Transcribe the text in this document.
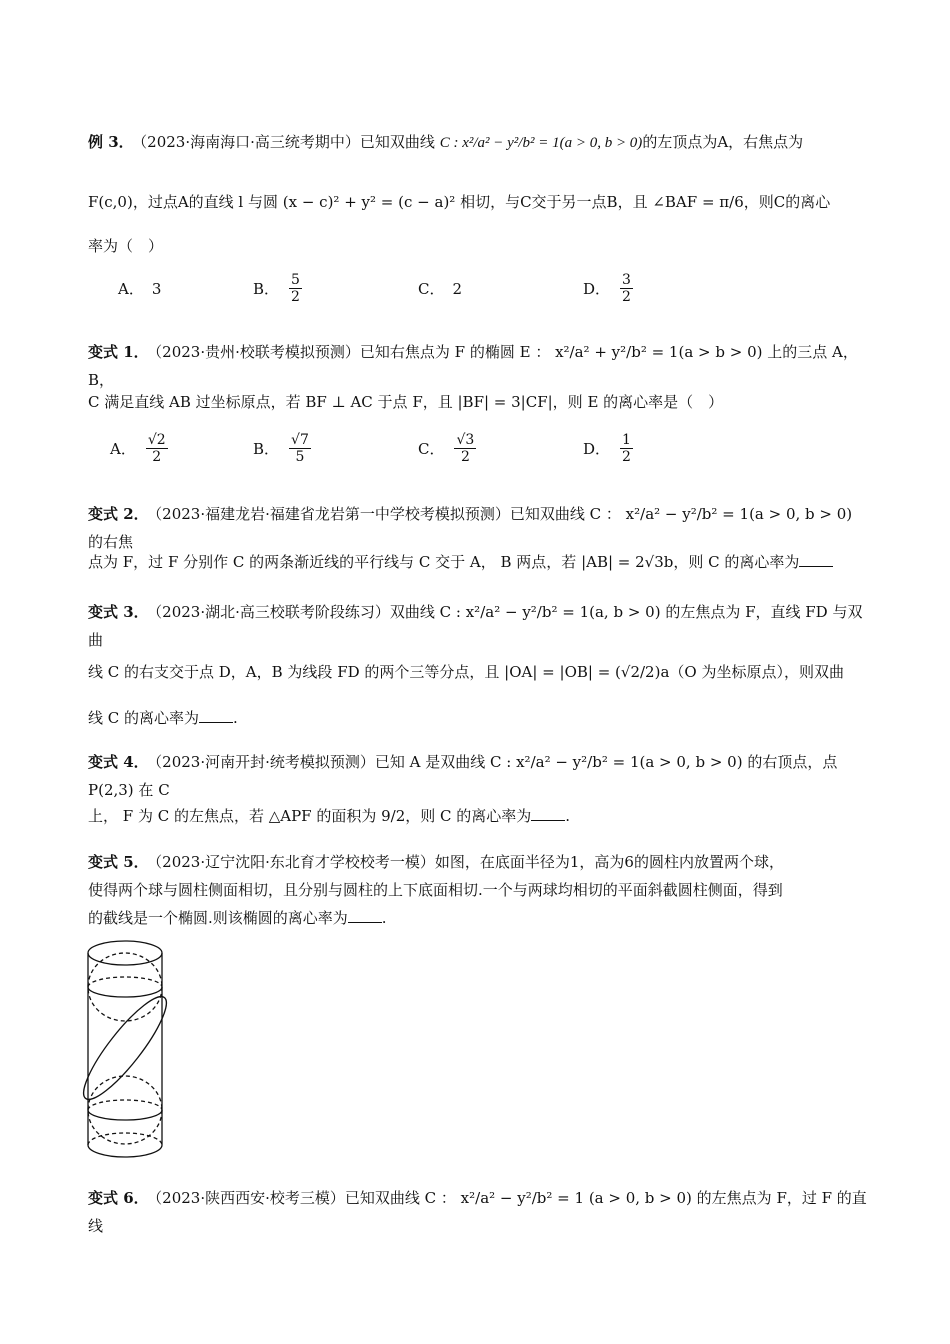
例 3． （2023·海南海口·高三统考期中）已知双曲线 C : x²/a² − y²/b² = 1(a > 0, b > 0)的左顶点为A，右焦点为
F(c,0)，过点A的直线 l 与圆 (x − c)² + y² = (c − a)² 相切，与C交于另一点B，且 ∠BAF = π/6，则C的离心
率为（　）
A． 3	B． $\frac{5}{2}$	C． 2	D． $\frac{3}{2}$
变式 1． （2023·贵州·校联考模拟预测）已知右焦点为 F 的椭圆 E ： x²/a² + y²/b² = 1(a > b > 0) 上的三点 A， B，
C 满足直线 AB 过坐标原点，若 BF ⊥ AC 于点 F，且 |BF| = 3|CF|，则 E 的离心率是（　）
A． $\frac{√2}{2}$	B． $\frac{√7}{5}$	C． $\frac{√3}{2}$	D． $\frac{1}{2}$
变式 2． （2023·福建龙岩·福建省龙岩第一中学校考模拟预测）已知双曲线 C ： x²/a² − y²/b² = 1(a > 0, b > 0) 的右焦
点为 F，过 F 分别作 C 的两条渐近线的平行线与 C 交于 A， B 两点，若 |AB| = 2√3b，则 C 的离心率为
变式 3． （2023·湖北·高三校联考阶段练习）双曲线 C : x²/a² − y²/b² = 1(a, b > 0) 的左焦点为 F，直线 FD 与双曲
线 C 的右支交于点 D，A，B 为线段 FD 的两个三等分点，且 |OA| = |OB| = (√2/2)a（O 为坐标原点），则双曲
线 C 的离心率为 .
变式 4． （2023·河南开封·统考模拟预测）已知 A 是双曲线 C : x²/a² − y²/b² = 1(a > 0, b > 0) 的右顶点，点 P(2,3) 在 C
上， F 为 C 的左焦点，若 △APF 的面积为 9/2，则 C 的离心率为 .
变式 5． （2023·辽宁沈阳·东北育才学校校考一模）如图，在底面半径为1，高为6的圆柱内放置两个球，
使得两个球与圆柱侧面相切，且分别与圆柱的上下底面相切.一个与两球均相切的平面斜截圆柱侧面，得到
的截线是一个椭圆.则该椭圆的离心率为 .
变式 6． （2023·陕西西安·校考三模）已知双曲线 C ： x²/a² − y²/b² = 1 (a > 0, b > 0) 的左焦点为 F，过 F 的直线
